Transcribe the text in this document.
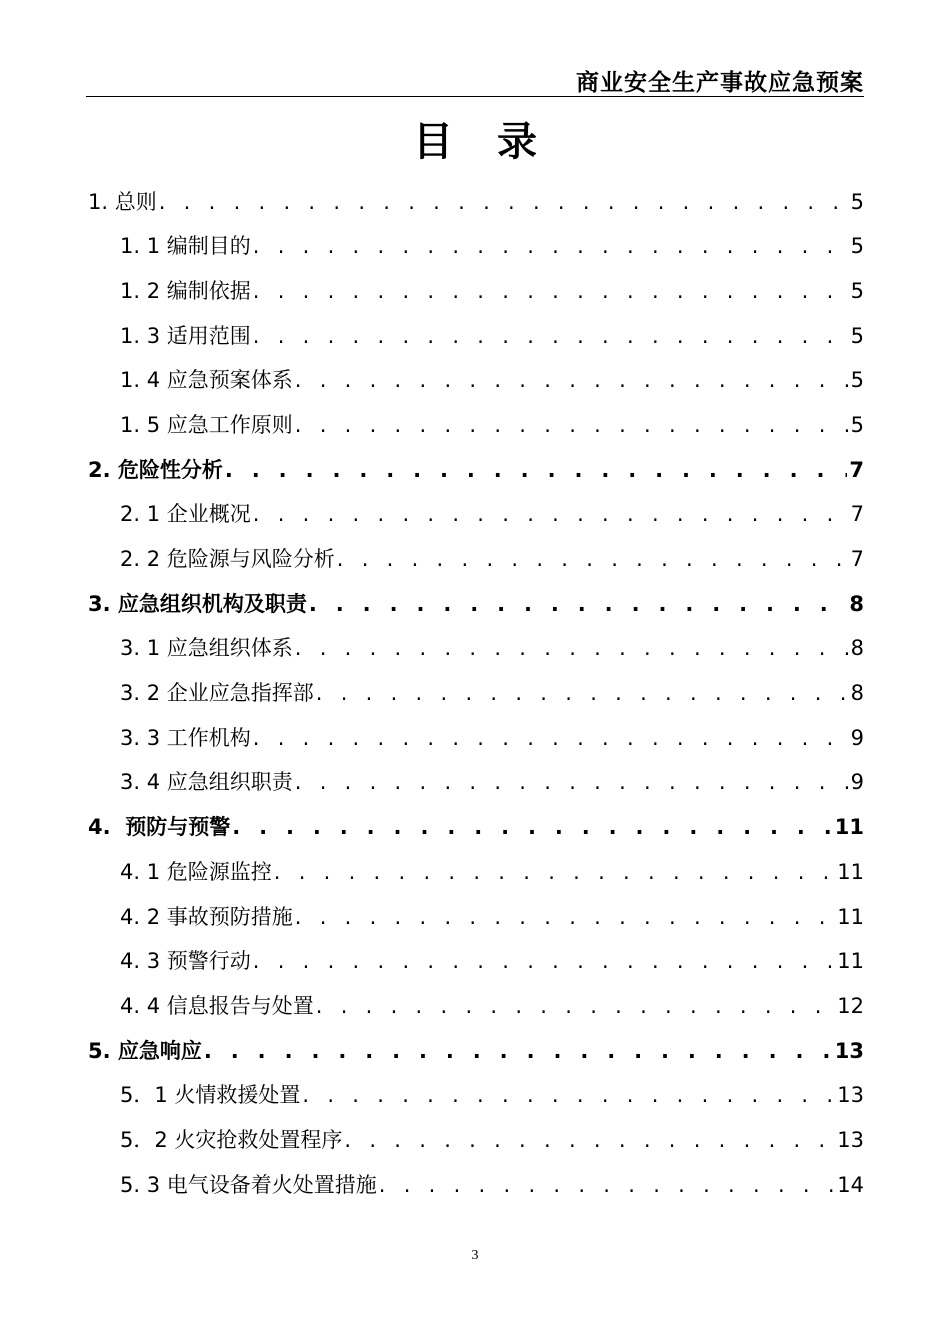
商业安全生产事故应急预案
目 录
1. 总则 . . .	5
1. 1 编制目的 . . .	5
1. 2 编制依据 . . .	5
1. 3 适用范围 . . .	5
1. 4 应急预案体系 . . .	5
1. 5 应急工作原则 . . .	5
2. 危险性分析 . . .	7
2. 1 企业概况 . . .	7
2. 2 危险源与风险分析 . . .	7
3. 应急组织机构及职责 . . .	8
3. 1 应急组织体系 . . .	8
3. 2 企业应急指挥部 . . .	8
3. 3 工作机构 . . .	9
3. 4 应急组织职责 . . .	9
4.  预防与预警 . . .	11
4. 1 危险源监控 . . .	11
4. 2 事故预防措施 . . .	11
4. 3 预警行动 . . .	11
4. 4 信息报告与处置 . . .	12
5. 应急响应 . . .	13
5．1 火情救援处置 . . .	13
5．2 火灾抢救处置程序 . . .	13
5. 3 电气设备着火处置措施 . . .	14
3
